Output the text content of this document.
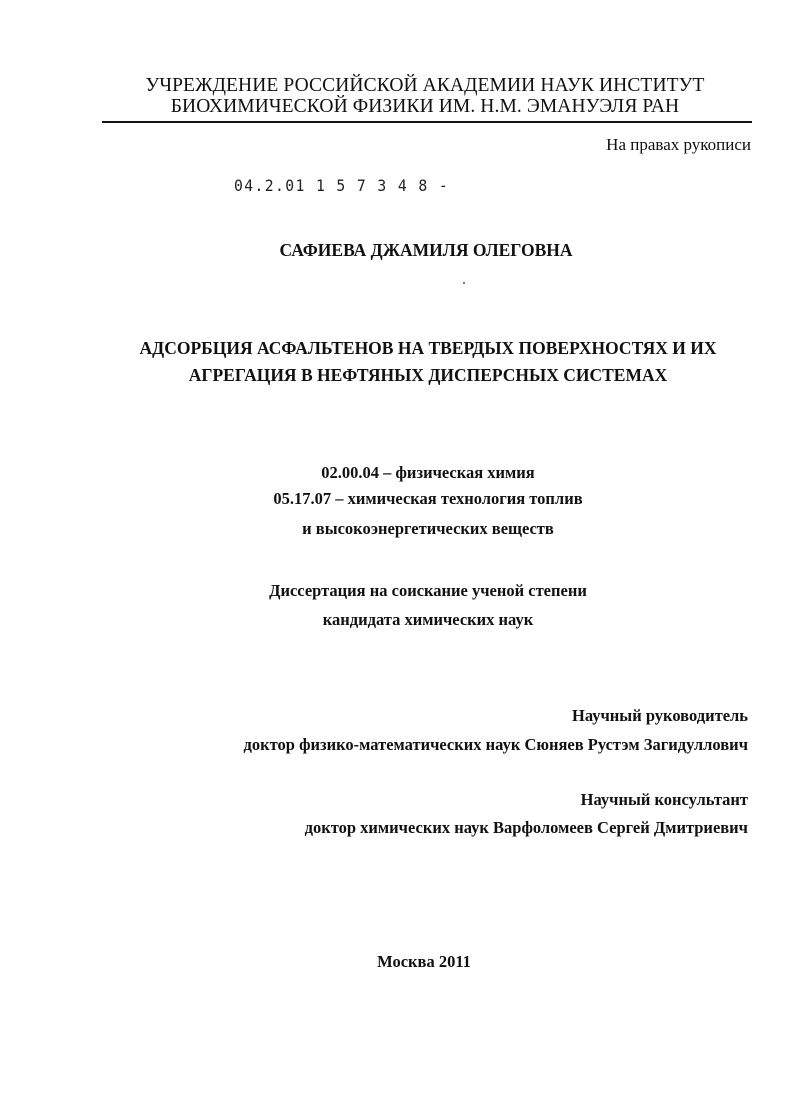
УЧРЕЖДЕНИЕ РОССИЙСКОЙ АКАДЕМИИ НАУК ИНСТИТУТ
БИОХИМИЧЕСКОЙ ФИЗИКИ ИМ. Н.М. ЭМАНУЭЛЯ РАН
На правах рукописи
04.2.01 1 5 7 3 4 8 -
САФИЕВА ДЖАМИЛЯ ОЛЕГОВНА
АДСОРБЦИЯ АСФАЛЬТЕНОВ НА ТВЕРДЫХ ПОВЕРХНОСТЯХ И ИХ
АГРЕГАЦИЯ В НЕФТЯНЫХ ДИСПЕРСНЫХ СИСТЕМАХ
02.00.04 – физическая химия
05.17.07 – химическая технология топлив
и высокоэнергетических веществ
Диссертация на соискание ученой степени
кандидата химических наук
Научный руководитель
доктор физико-математических наук Сюняев Рустэм Загидуллович
Научный консультант
доктор химических наук Варфоломеев Сергей Дмитриевич
Москва 2011
